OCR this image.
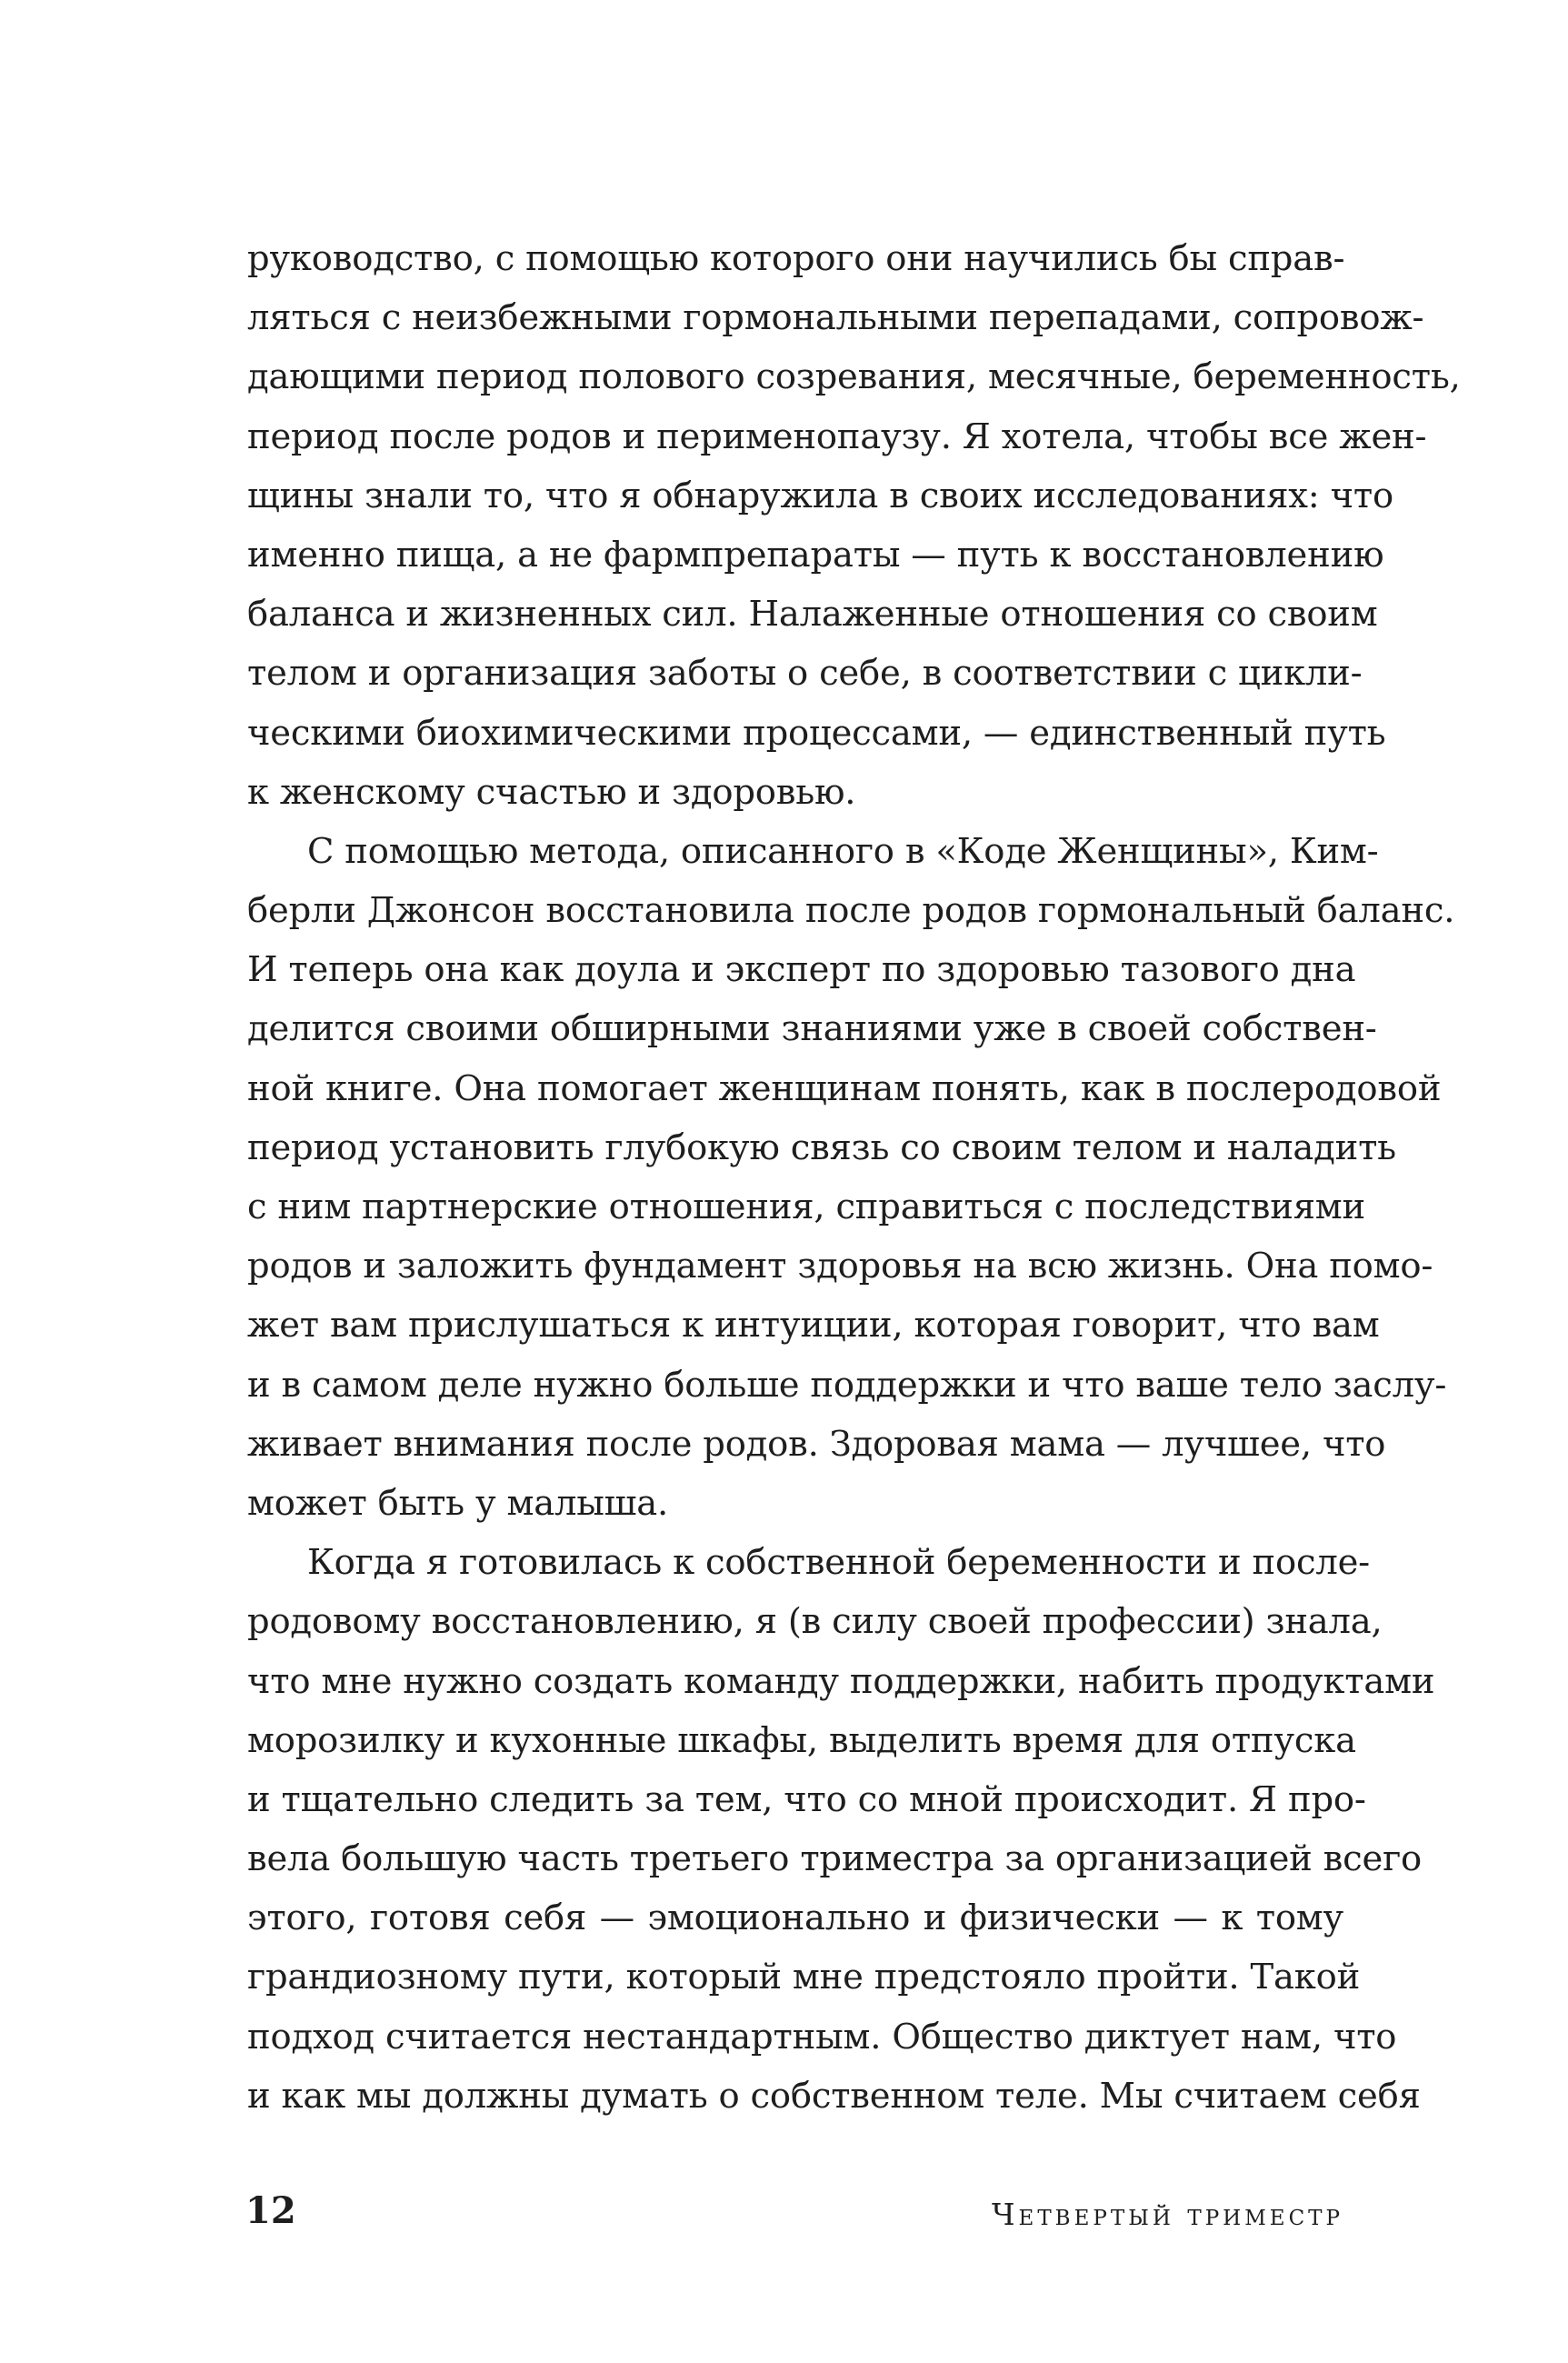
руководство, с помощью которого они научились бы справ-
ляться с неизбежными гормональными перепадами, сопровож-
дающими период полового созревания, месячные, беременность,
период после родов и перименопаузу. Я хотела, чтобы все жен-
щины знали то, что я обнаружила в своих исследованиях: что
именно пища, а не фармпрепараты — путь к восстановлению
баланса и жизненных сил. Налаженные отношения со своим
телом и организация заботы о себе, в соответствии с цикли-
ческими биохимическими процессами, — единственный путь
к женскому счастью и здоровью.
С помощью метода, описанного в «Коде Женщины», Ким-
берли Джонсон восстановила после родов гормональный баланс.
И теперь она как доула и эксперт по здоровью тазового дна
делится своими обширными знаниями уже в своей собствен-
ной книге. Она помогает женщинам понять, как в послеродовой
период установить глубокую связь со своим телом и наладить
с ним партнерские отношения, справиться с последствиями
родов и заложить фундамент здоровья на всю жизнь. Она помо-
жет вам прислушаться к интуиции, которая говорит, что вам
и в самом деле нужно больше поддержки и что ваше тело заслу-
живает внимания после родов. Здоровая мама — лучшее, что
может быть у малыша.
Когда я готовилась к собственной беременности и после-
родовому восстановлению, я (в силу своей профессии) знала,
что мне нужно создать команду поддержки, набить продуктами
морозилку и кухонные шкафы, выделить время для отпуска
и тщательно следить за тем, что со мной происходит. Я про-
вела большую часть третьего триместра за организацией всего
этого, готовя себя — эмоционально и физически — к тому
грандиозному пути, который мне предстояло пройти. Такой
подход считается нестандартным. Общество диктует нам, что
и как мы должны думать о собственном теле. Мы считаем себя
12	Четвертый триместр
